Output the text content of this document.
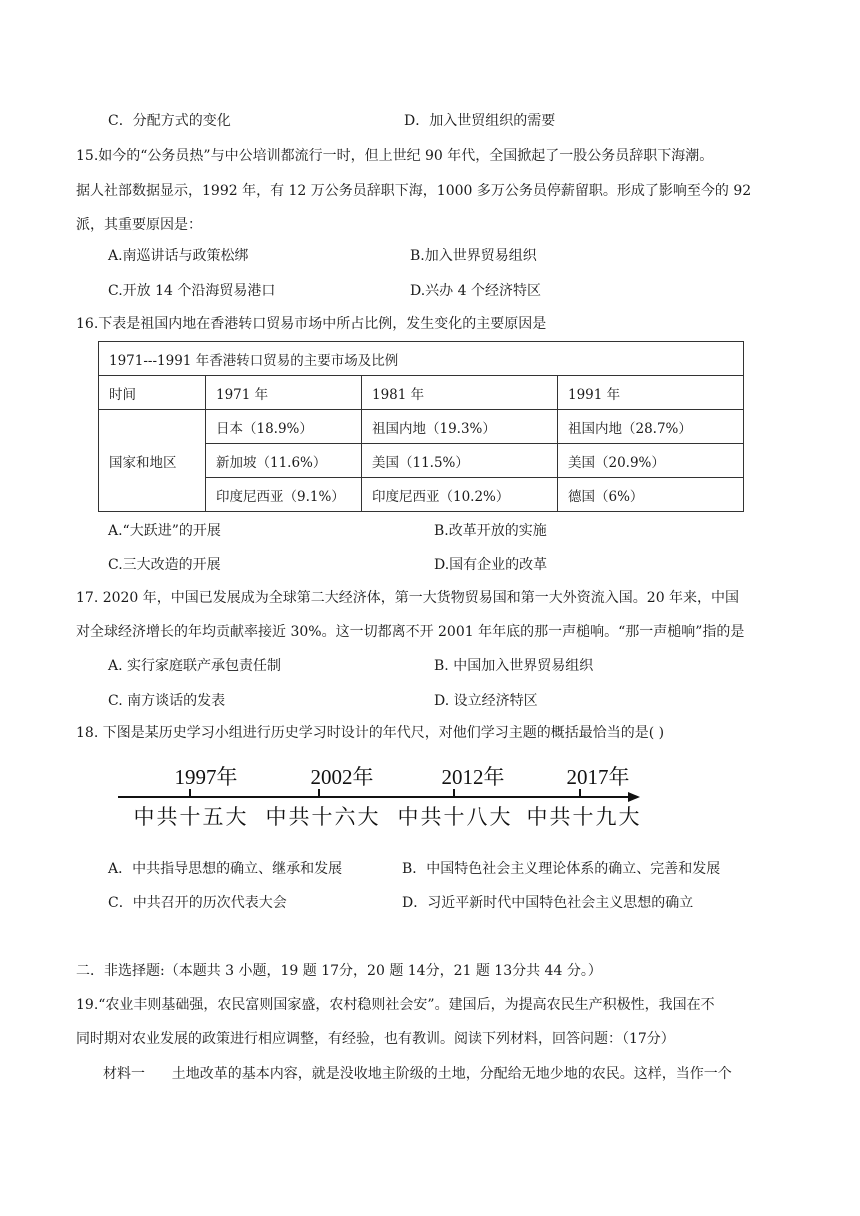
C．分配方式的变化	D．加入世贸组织的需要
15.如今的“公务员热”与中公培训都流行一时，但上世纪 90 年代，全国掀起了一股公务员辞职下海潮。
据人社部数据显示，1992 年，有 12 万公务员辞职下海，1000 多万公务员停薪留职。形成了影响至今的 92
派，其重要原因是：
A.南巡讲话与政策松绑	B.加入世界贸易组织
C.开放 14 个沿海贸易港口	D.兴办 4 个经济特区
16.下表是祖国内地在香港转口贸易市场中所占比例，发生变化的主要原因是
1971---1991 年香港转口贸易的主要市场及比例			
时间	1971 年	1981 年	1991 年
国家和地区	日本（18.9%）	祖国内地（19.3%）	祖国内地（28.7%）
	新加坡（11.6%）	美国（11.5%）	美国（20.9%）
	印度尼西亚（9.1%）	印度尼西亚（10.2%）	德国（6%）
A.“大跃进”的开展	B.改革开放的实施
C.三大改造的开展	D.国有企业的改革
17. 2020 年，中国已发展成为全球第二大经济体，第一大货物贸易国和第一大外资流入国。20 年来，中国
对全球经济增长的年均贡献率接近 30%。这一切都离不开 2001 年年底的那一声槌响。“那一声槌响”指的是
A. 实行家庭联产承包责任制	B. 中国加入世界贸易组织
C. 南方谈话的发表	D. 设立经济特区
18. 下图是某历史学习小组进行历史学习时设计的年代尺，对他们学习主题的概括最恰当的是( )
1997年	2002年	2012年	2017年
中共十五大 中共十六大 中共十八大 中共十九大
A．中共指导思想的确立、继承和发展	B．中国特色社会主义理论体系的确立、完善和发展
C．中共召开的历次代表大会	D．习近平新时代中国特色社会主义思想的确立
二．非选择题:（本题共 3 小题，19 题 17分，20 题 14分，21 题 13分共 44 分。）
19.“农业丰则基础强，农民富则国家盛，农村稳则社会安”。建国后，为提高农民生产积极性，我国在不
同时期对农业发展的政策进行相应调整，有经验，也有教训。阅读下列材料，回答问题：（17分）
材料一      土地改革的基本内容，就是没收地主阶级的土地，分配给无地少地的农民。这样，当作一个
